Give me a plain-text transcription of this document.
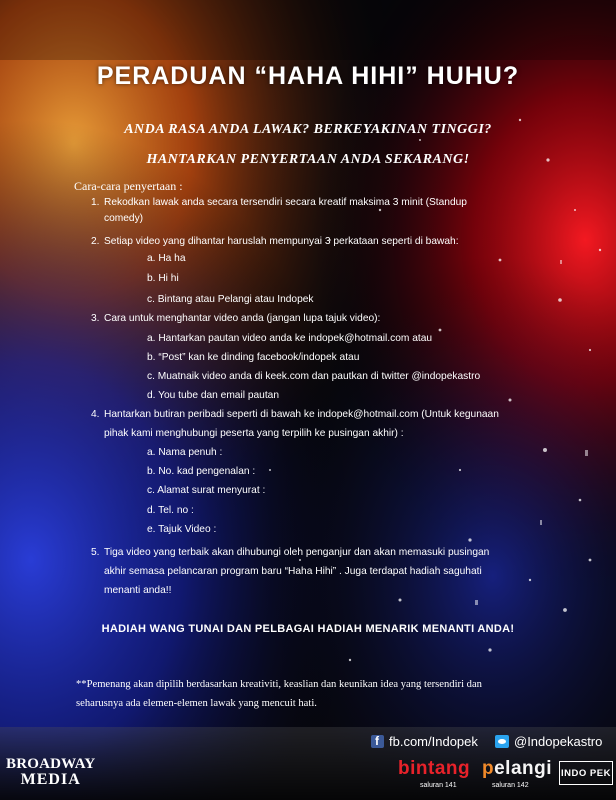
PERADUAN “HAHA HIHI” HUHU?
ANDA RASA ANDA LAWAK? BERKEYAKINAN TINGGI?
HANTARKAN PENYERTAAN ANDA SEKARANG!
Cara-cara penyertaan :
1. Rekodkan lawak anda secara tersendiri secara kreatif maksima 3 minit (Standup
comedy)
2. Setiap video yang dihantar haruslah mempunyai 3 perkataan seperti di bawah:
a. Ha ha
b. Hi hi
c. Bintang atau Pelangi atau Indopek
3. Cara untuk menghantar video anda (jangan lupa tajuk video):
a. Hantarkan pautan video anda ke indopek@hotmail.com atau
b. “Post” kan ke dinding facebook/indopek atau
c. Muatnaik video anda di keek.com dan pautkan di twitter @indopekastro
d. You tube dan email pautan
4. Hantarkan butiran peribadi seperti di bawah ke indopek@hotmail.com (Untuk kegunaan
pihak kami menghubungi peserta yang terpilih ke pusingan akhir) :
a. Nama penuh :
b. No. kad pengenalan :
c. Alamat surat menyurat :
d. Tel. no :
e. Tajuk Video :
5. Tiga video yang terbaik akan dihubungi oleh penganjur dan akan memasuki pusingan
akhir semasa pelancaran program baru “Haha Hihi” . Juga terdapat hadiah saguhati
menanti anda!!
HADIAH WANG TUNAI DAN PELBAGAI HADIAH MENARIK MENANTI ANDA!
**Pemenang akan dipilih berdasarkan kreativiti, keaslian dan keunikan idea yang tersendiri dan
seharusnya ada elemen-elemen lawak yang mencuit hati.
f
fb.com/Indopek	@Indopekastro
BROADWAY
MEDIA
bintang
saluran 141
pelangi
saluran 142
INDO PEK
